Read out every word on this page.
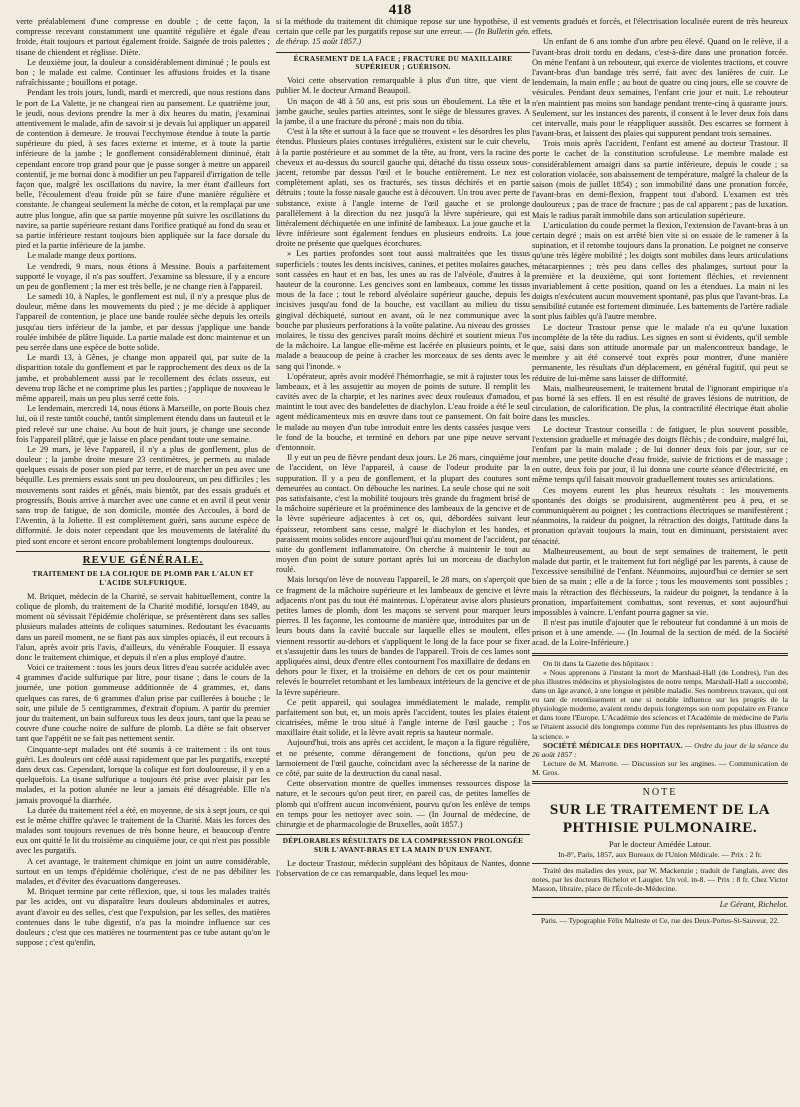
418

verte préalablement d'une compresse en double ; de cette façon, la compresse recevant constamment une quantité régulière et égale d'eau froide, était toujours et partout également froide. Saignée de trois palettes ; tisane de chiendent et réglisse. Diète.

Le deuxième jour, la douleur a considérablement diminué ; le pouls est bon ; le malade est calme. Continuer les affusions froides et la tisane rafraîchissante ; bouillons et potage.

Pendant les trois jours, lundi, mardi et mercredi, que nous restions dans le port de La Valette, je ne changeai rien au pansement. Le quatrième jour, le jeudi, nous devions prendre la mer à dix heures du matin, j'examinai attentivement le malade, afin de savoir si je devais lui appliquer un appareil de contention à demeure. Je trouvai l'ecchymose étendue à toute la partie supérieure du pied, à ses faces externe et interne, et à toute la partie inférieure de la jambe ; le gonflement considérablement diminué, était cependant encore trop grand pour que je pusse songer à mettre un appareil contentif, je me bornai donc à modifier un peu l'appareil d'irrigation de telle façon que, malgré les oscillations du navire, la mer étant d'ailleurs fort belle, l'écoulement d'eau froide pût se faire d'une manière régulière et constante. Je changeai seulement la mèche de coton, et la remplaçai par une autre plus longue, afin que sa partie moyenne pût suivre les oscillations du navire, sa partie supérieure restant dans l'orifice pratiqué au fond du seau et sa partie inférieure restant toujours bien appliquée sur la face dorsale du pied et la partie inférieure de la jambe.

Le malade mange deux portions.

Le vendredi, 9 mars, nous étions à Messine. Bouis a parfaitement supporté le voyage, il n'a pas souffert. J'examine sa blessure, il y a encore un peu de gonflement ; la mer est très belle, je ne change rien à l'appareil.

Le samedi 10, à Naples, le gonflement est nul, il n'y a presque plus de douleur, même dans les mouvements du pied ; je me décide à appliquer l'appareil de contention, je place une bande roulée sèche depuis les orteils jusqu'au tiers inférieur de la jambe, et par dessus j'applique une bande roulée imbibée de plâtre liquide. La partie malade est donc maintenue et un peu serrée dans une espèce de botte solide.

Le mardi 13, à Gênes, je change mon appareil qui, par suite de la disparition totale du gonflement et par le rapprochement des deux os de la jambe, et probablement aussi par le recollement des éclats osseux, est devenu trop lâche et ne comprime plus les parties ; j'applique de nouveau le même appareil, mais un peu plus serré cette fois.

Le lendemain, mercredi 14, nous étions à Marseille, on porte Bouis chez lui, où il reste tantôt couché, tantôt simplement étendu dans un fauteuil et le pied relevé sur une chaise. Au bout de huit jours, je change une seconde fois l'appareil plâtré, que je laisse en place pendant toute une semaine.

Le 29 mars, je lève l'appareil, il n'y a plus de gonflement, plus de douleur ; la jambe droite mesure 23 centimètres, je permets au malade quelques essais de poser son pied par terre, et de marcher un peu avec une béquille. Les premiers essais sont un peu douloureux, un peu difficiles ; les mouvements sont raides et gênés, mais bientôt, par des essais gradués et progressifs, Bouis arrive à marcher avec une canne et en avril il peut venir sans trop de fatigue, de son domicile, montée des Accoules, à bord de l'Aventin, à la Joliette. Il est complètement guéri, sans aucune espèce de difformité. Je dois noter cependant que les mouvements de latéralité du pied sont encore et seront encore probablement longtemps douloureux.

REVUE GÉNÉRALE.
TRAITEMENT DE LA COLIQUE DE PLOMB PAR L'ALUN ET L'ACIDE SULFURIQUE.

M. Briquet, médecin de la Charité, se servait habituellement, contre la colique de plomb, du traitement de la Charité modifié, lorsqu'en 1849, au moment où sévissait l'épidémie cholérique, se présentèrent dans ses salles plusieurs malades atteints de coliques saturnines. Redoutant les évacuants dans un pareil moment, ne se fiant pas aux simples opiacés, il eut recours à l'alun, après avoir pris l'avis, d'ailleurs, du vénérable Fouquier. Il essaya donc le traitement chimique, et depuis il n'en a plus employé d'autre.

Voici ce traitement : tous les jours deux litres d'eau sucrée acidulée avec 4 grammes d'acide sulfurique par litre, pour tisane ; dans le cours de la journée, une potion gommeuse additionnée de 4 grammes, et, dans quelques cas rares, de 6 grammes d'alun prise par cuillerées à bouche ; le soir, une pilule de 5 centigrammes, d'extrait d'opium. A partir du premier jour du traitement, un bain sulfureux tous les deux jours, tant que la peau se couvre d'une couche noire de sulfure de plomb. La diète se fait observer tant que l'appétit ne se fait pas nettement sentir.

Cinquante-sept malades ont été soumis à ce traitement : ils ont tous guéri. Les douleurs ont cédé aussi rapidement que par les purgatifs, excepté dans deux cas. Cependant, lorsque la colique est fort douloureuse, il y en a quelquefois. La tisane sulfurique a toujours été prise avec plaisir par les malades, et la potion alunée ne leur a jamais été désagréable. Elle n'a jamais provoqué la diarrhée.

La durée du traitement réel a été, en moyenne, de six à sept jours, ce qui est le même chiffre qu'avec le traitement de la Charité. Mais les forces des malades sont toujours revenues de très bonne heure, et beaucoup d'entre eux ont quitté le lit du troisième au cinquième jour, ce qui n'est pas possible avec les purgatifs.

A cet avantage, le traitement chimique en joint un autre considérable, surtout en un temps d'épidémie cholérique, c'est de ne pas débiliter les malades, et d'éviter des évacuations dangereuses.

M. Briquet termine par cette réflexion, que, si tous les malades traités par les acides, ont vu disparaître leurs douleurs abdominales et autres, avant d'avoir eu des selles, c'est que l'expulsion, par les selles, des matières contenues dans le tube digestif, n'a pas la moindre influence sur ces douleurs ; c'est que ces matières ne tourmentent pas ce tube autant qu'on le suppose ; c'est qu'enfin,

si la méthode du traitement dit chimique repose sur une hypothèse, il est certain que celle par les purgatifs repose sur une erreur. — (In Bulletin gén. de thérap. 15 août 1857.)

ÉCRASEMENT DE LA FACE ; FRACTURE DU MAXILLAIRE SUPÉRIEUR ; GUÉRISON.

Voici cette observation remarquable à plus d'un titre, que vient de publier M. le docteur Armand Beaupoil.

Un maçon de 48 à 50 ans, est pris sous un éboulement. La tête et la jambe gauche, seules parties atteintes, sont le siège de blessures graves. A la jambe, il a une fracture du péroné ; mais non du tibia.

C'est à la tête et surtout à la face que se trouvent « les désordres les plus étendus. Plusieurs plaies contuses irrégulières, existent sur le cuir chevelu, à la partie postérieure et au sommet de la tête, au front, vers la racine des cheveux et au-dessus du sourcil gauche qui, détaché du tissu osseux sous-jacent, retombe par dessus l'œil et le bouche entièrement. Le nez est complètement aplati, ses os fracturés, ses tissus déchirés et en partie détruits ; toute la fosse nasale gauche est à découvert. Un trou avec perte de substance, existe à l'angle interne de l'œil gauche et se prolonge parallèlement à la direction du nez jusqu'à la lèvre supérieure, qui est littéralement déchiquetée en une infinité de lambeaux. La joue gauche et la lèvre inférieure sont également fendues en plusieurs endroits. La joue droite ne présente que quelques écorchures.

» Les parties profondes sont tout aussi maltraitées que les tissus superficiels : toutes les dents incisives, canines, et petites molaires gauches, sont cassées en haut et en bas, les unes au ras de l'alvéole, d'autres à la hauteur de la couronne. Les gencives sont en lambeaux, comme les tissus mous de la face ; tout le rebord alvéolaire supérieur gauche, depuis les incisives jusqu'au fond de la bouche, est vacillant au milieu du tissu gingival déchiqueté, surtout en avant, où le nez communique avec la bouche par plusieurs perforations à la voûte palatine. Au niveau des grosses molaires, le tissu des gencives paraît moins déchiré et soutient mieux l'os de la mâchoire. La langue elle-même est lacérée en plusieurs points, et le malade a beaucoup de peine à cracher les morceaux de ses dents avec le sang qui l'inonde. »

L'opérateur, après avoir modéré l'hémorrhagie, se mit à rajuster tous les lambeaux, et à les assujettir au moyen de points de suture. Il remplit les cavités avec de la charpie, et les narines avec deux rouleaux d'amadou, et maintint le tout avec des bandelettes de diachylon. L'eau froide a été le seul agent médicamenteux mis en œuvre dans tout ce pansement. On fait boire le malade au moyen d'un tube introduit entre les dents cassées jusque vers le fond de la bouche, et terminé en dehors par une pipe neuve servant d'entonnoir.

Il y eut un peu de fièvre pendant deux jours. Le 26 mars, cinquième jour de l'accident, on lève l'appareil, à cause de l'odeur produite par la suppuration. Il y a peu de gonflement, et la plupart des coutures sont demeurées au contact. On débouche les narines. La seule chose qui ne soit pas satisfaisante, c'est la mobilité toujours très grande du fragment brisé de la mâchoire supérieure et la proéminence des lambeaux de la gencive et de la lèvre supérieure adjacentes à cet os, qui, débordées suivant leur épaisseur, retombent sans cesse, malgré le diachylon et les bandes, et paraissent moins solides encore aujourd'hui qu'au moment de l'accident, par suite du gonflement inflammatoire. On cherche à maintenir le tout au moyen d'un point de suture portant après lui un morceau de diachylon roulé.

Mais lorsqu'on lève de nouveau l'appareil, le 28 mars, on s'aperçoit que ce fragment de la mâchoire supérieure et les lambeaux de gencive et lèvre adjacents n'ont pas du tout été maintenus. L'opérateur avise alors plusieurs petites lames de plomb, dont les maçons se servent pour marquer leurs pierres. Il les façonne, les contourne de manière que, introduites par un de leurs bouts dans la cavité buccale sur laquelle elles se moulent, elles viennent ressortir au-dehors et s'appliquent le long de la face pour se fixer et s'assujettir dans les tours de bandes de l'appareil. Trois de ces lames sont appliquées ainsi, deux d'entre elles contournent l'os maxillaire de dedans en dehors pour le fixer, et la troisième en dehors de cet os pour maintenir relevés le bourrelet retombant et les lambeaux intérieurs de la gencive et de la lèvre supérieure.

Ce petit appareil, qui soulagea immédiatement le malade, remplit parfaitement son but, et, un mois après l'accident, toutes les plaies étaient cicatrisées, même le trou situé à l'angle interne de l'œil gauche ; l'os maxillaire était solide, et la lèvre avait repris sa hauteur normale.

Aujourd'hui, trois ans après cet accident, le maçon a la figure régulière, et ne présente, comme dérangement de fonctions, qu'un peu de larmoiement de l'œil gauche, coïncidant avec la sécheresse de la narine de ce côté, par suite de la destruction du canal nasal.

Cette observation montre de quelles immenses ressources dispose la nature, et le secours qu'on peut tirer, en pareil cas, de petites lamelles de plomb qui n'offrent aucun inconvénient, pourvu qu'on les enlève de temps en temps pour les nettoyer avec soin. — (In Journal de médecine, de chirurgie et de pharmacologie de Bruxelles, août 1857.)

DÉPLORABLES RÉSULTATS DE LA COMPRESSION PROLONGÉE SUR L'AVANT-BRAS ET LA MAIN D'UN ENFANT.

Le docteur Trastour, médecin suppléant des hôpitaux de Nantes, donne l'observation de ce cas remarquable, dans lequel les mou-

vements gradués et forcés, et l'électrisation localisée eurent de très heureux effets.

Un enfant de 6 ans tombe d'un arbre peu élevé. Quand on le relève, il a l'avant-bras droit tordu en dedans, c'est-à-dire dans une pronation forcée. On mène l'enfant à un rebouteur, qui exerce de violentes tractions, et couvre l'avant-bras d'un bandage très serré, fait avec des lanières de cuir. Le lendemain, la main enfle ; au bout de quatre ou cinq jours, elle se couvre de vésicules. Pendant deux semaines, l'enfant crie jour et nuit. Le rebouteur n'en maintient pas moins son bandage pendant trente-cinq à quarante jours. Seulement, sur les instances des parents, il consent à le lever deux fois dans cet intervalle, mais pour le réappliquer aussitôt. Des escarres se forment à l'avant-bras, et laissent des plaies qui suppurent pendant trois semaines.

Trois mois après l'accident, l'enfant est amené au docteur Trastour. Il porte le cachet de la constitution scrofuleuse. Le membre malade est considérablement amaigri dans sa partie inférieure, depuis le coude ; sa coloration violacée, son abaissement de température, malgré la chaleur de la saison (mois de juillet 1854) ; son immobilité dans une pronation forcée, l'avant-bras en demi-flexion, frappent tout d'abord. L'examen est très douloureux ; pas de trace de fracture ; pas de cal apparent ; pas de luxation. Mais le radius paraît immobile dans son articulation supérieure.

L'articulation du coude permet la flexion, l'extension de l'avant-bras à un certain degré ; mais on est arrêté bien vite si on essaie de le ramener à la supination, et il retombe toujours dans la pronation. Le poignet ne conserve qu'une très légère mobilité ; les doigts sont mobiles dans leurs articulations métacarpiennes ; très peu dans celles des phalanges, surtout pour la première et la deuxième, qui sont fortement fléchies, et reviennent invariablement à cette position, quand on les a étendues. La main ni les doigts n'exécutent aucun mouvement spontané, pas plus que l'avant-bras. La sensibilité cutanée est fortement diminuée. Les battements de l'artère radiale sont plus faibles qu'à l'autre membre.

Le docteur Trastour pense que le malade n'a eu qu'une luxation incomplète de la tête du radius. Les signes en sont si évidents, qu'il semble que, saisi dans son attitude anormale par un malencontreux bandage, le membre y ait été conservé tout exprès pour montrer, d'une manière permanente, les résultats d'un déplacement, en général fugitif, qui peut se réduire de lui-même sans laisser de difformité.

Mais, malheureusement, le traitement brutal de l'ignorant empirique n'a pas borné là ses effets. Il en est résulté de graves lésions de nutrition, de circulation, de calorification. De plus, la contractilité électrique était abolie dans les muscles.

Le docteur Trastour conseilla : de fatiguer, le plus souvent possible, l'extension graduelle et ménagée des doigts fléchis ; de conduire, malgré lui, l'enfant par la main malade ; de lui donner deux fois par jour, sur ce membre, une petite douche d'eau froide, suivie de frictions et de massage ; en outre, deux fois par jour, il lui donna une courte séance d'électricité, en même temps qu'il faisait mouvoir graduellement toutes ses articulations.

Ces moyens eurent les plus heureux résultats : les mouvements spontanés des doigts se produisirent, augmentèrent peu à peu, et se communiquèrent au poignet ; les contractions électriques se manifestèrent ; néanmoins, la raideur du poignet, la rétraction des doigts, l'attitude dans la pronation qu'avait toujours la main, tout en diminuant, persistaient avec ténacité.

Malheureusement, au bout de sept semaines de traitement, le petit malade dut partir, et le traitement fut fort négligé par les parents, à cause de l'excessive sensibilité de l'enfant. Néanmoins, aujourd'hui ce dernier se sert bien de sa main ; elle a de la force ; tous les mouvements sont possibles ; mais la rétraction des fléchisseurs, la raideur du poignet, la tendance à la pronation, imparfaitement combattus, sont revenus, et sont aujourd'hui impossibles à vaincre. L'enfant pourra gagner sa vie.

Il n'est pas inutile d'ajouter que le rebouteur fut condamné à un mois de prison et à une amende. — (In Journal de la section de méd. de la Société acad. de la Loire-Inférieure.)

On lit dans la Gazette des hôpitaux :

« Nous apprenons à l'instant la mort de Marshaal-Hall (de Londres), l'un des plus illustres médecins et physiologistes de notre temps. Marshall-Hall a succombé, dans un âge avancé, à une longue et pénible maladie. Ses nombreux travaux, qui ont eu tant de retentissement et une si notable influence sur les progrès de la physiologie moderne, avaient rendu depuis longtemps son nom populaire en France et dans toute l'Europe. L'Académie des sciences et l'Académie de médecine de Paris se l'étaient associé dès longtemps comme l'un des représentants les plus illustres de la science. »

SOCIÉTÉ MÉDICALE DES HOPITAUX. — Ordre du jour de la séance du 26 août 1857 :

Lecture de M. Marrotte. — Discussion sur les angines. — Communication de M. Gros.

NOTE
SUR LE TRAITEMENT DE LA PHTHISIE PULMONAIRE.
Par le docteur Amédée Latour.
In-8°, Paris, 1857, aux Bureaux de l'Union Médicale. — Prix : 2 fr.

Traité des maladies des yeux, par W. Mackenzie ; traduit de l'anglais, avec des notes, par les docteurs Richelot et Laugier. Un vol. in-8. — Prix : 8 fr. Chez Victor Masson, libraire, place de l'École-de-Médecine.

Le Gérant, Richelot.
Paris. — Typographie Félix Malteste et Ce, rue des Deux-Portes-St-Sauveur, 22.
